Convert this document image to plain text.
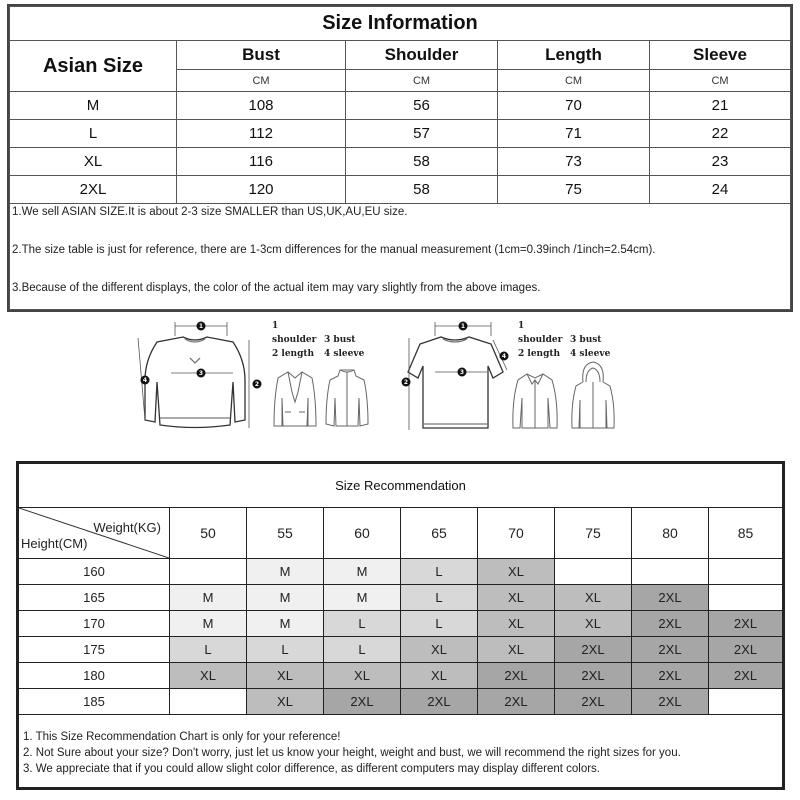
Size Information				
Asian Size	Bust	Shoulder	Length	Sleeve
	CM	CM	CM	CM
M	108	56	70	21
L	112	57	71	22
XL	116	58	73	23
2XL	120	58	75	24

1.We sell ASIAN SIZE.It is about 2-3 size SMALLER than US,UK,AU,EU size.
2.The size table is just for reference, there are 1-3cm differences for the manual measurement (1cm=0.39inch /1inch=2.54cm).
3.Because of the different displays, the color of the actual item may vary slightly from the above images.				
1
3
2
4
1 shoulder 3 bust
2 length 4 sleeve
1
3
2
4
1 shoulder 3 bust
2 length 4 sleeve
Size Recommendation								

Weight(KG)
Height(CM)	50	55	60	65	70	75	80	85
160		M	M	L	XL			
165	M	M	M	L	XL	XL	2XL	
170	M	M	L	L	XL	XL	2XL	2XL
175	L	L	L	XL	XL	2XL	2XL	2XL
180	XL	XL	XL	XL	2XL	2XL	2XL	2XL
185		XL	2XL	2XL	2XL	2XL	2XL	

1. This Size Recommendation Chart is only for your reference!
2. Not Sure about your size? Don't worry, just let us know your height, weight and bust, we will recommend the right sizes for you.
3. We appreciate that if you could allow slight color difference, as different computers may display different colors.								
